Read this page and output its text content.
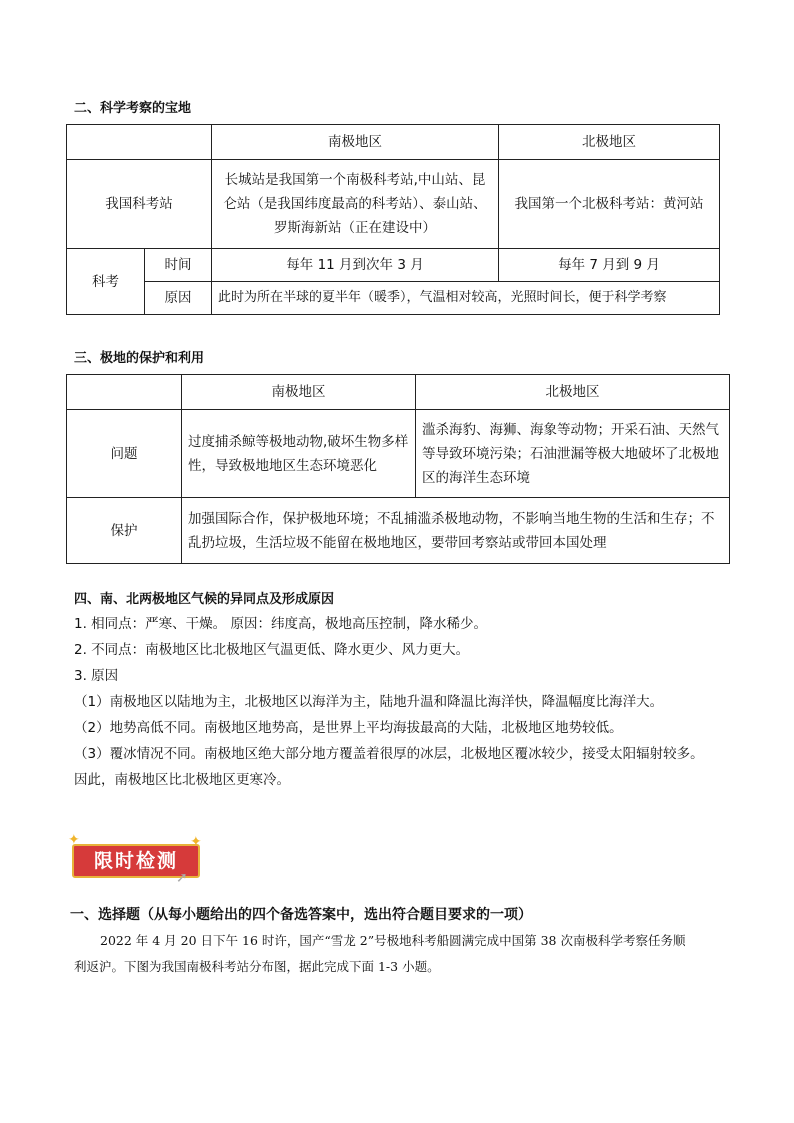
二、科学考察的宝地
		南极地区	北极地区
我国科考站		长城站是我国第一个南极科考站,中山站、昆仑站（是我国纬度最高的科考站）、泰山站、罗斯海新站（正在建设中）	我国第一个北极科考站：黄河站
科考	时间	每年 11 月到次年 3 月	每年 7 月到 9 月
	原因	此时为所在半球的夏半年（暖季），气温相对较高，光照时间长，便于科学考察	
三、极地的保护和利用
	南极地区	北极地区
问题	过度捕杀鲸等极地动物,破坏生物多样性，导致极地地区生态环境恶化	滥杀海豹、海狮、海象等动物；开采石油、天然气等导致环境污染；石油泄漏等极大地破坏了北极地区的海洋生态环境
保护	加强国际合作，保护极地环境；不乱捕滥杀极地动物，不影响当地生物的生活和生存；不乱扔垃圾，生活垃圾不能留在极地地区，要带回考察站或带回本国处理	
四、南、北两极地区气候的异同点及形成原因
1. 相同点：严寒、干燥。 原因：纬度高，极地高压控制，降水稀少。
2. 不同点：南极地区比北极地区气温更低、降水更少、风力更大。
3. 原因
（1）南极地区以陆地为主，北极地区以海洋为主，陆地升温和降温比海洋快，降温幅度比海洋大。
（2）地势高低不同。南极地区地势高，是世界上平均海拔最高的大陆，北极地区地势较低。
（3）覆冰情况不同。南极地区绝大部分地方覆盖着很厚的冰层，北极地区覆冰较少，接受太阳辐射较多。
因此，南极地区比北极地区更寒冷。
限时检测
✦	✦
➚
一、选择题（从每小题给出的四个备选答案中，选出符合题目要求的一项）
2022 年 4 月 20 日下午 16 时许，国产“雪龙 2”号极地科考船圆满完成中国第 38 次南极科学考察任务顺
利返沪。下图为我国南极科考站分布图，据此完成下面 1-3 小题。
